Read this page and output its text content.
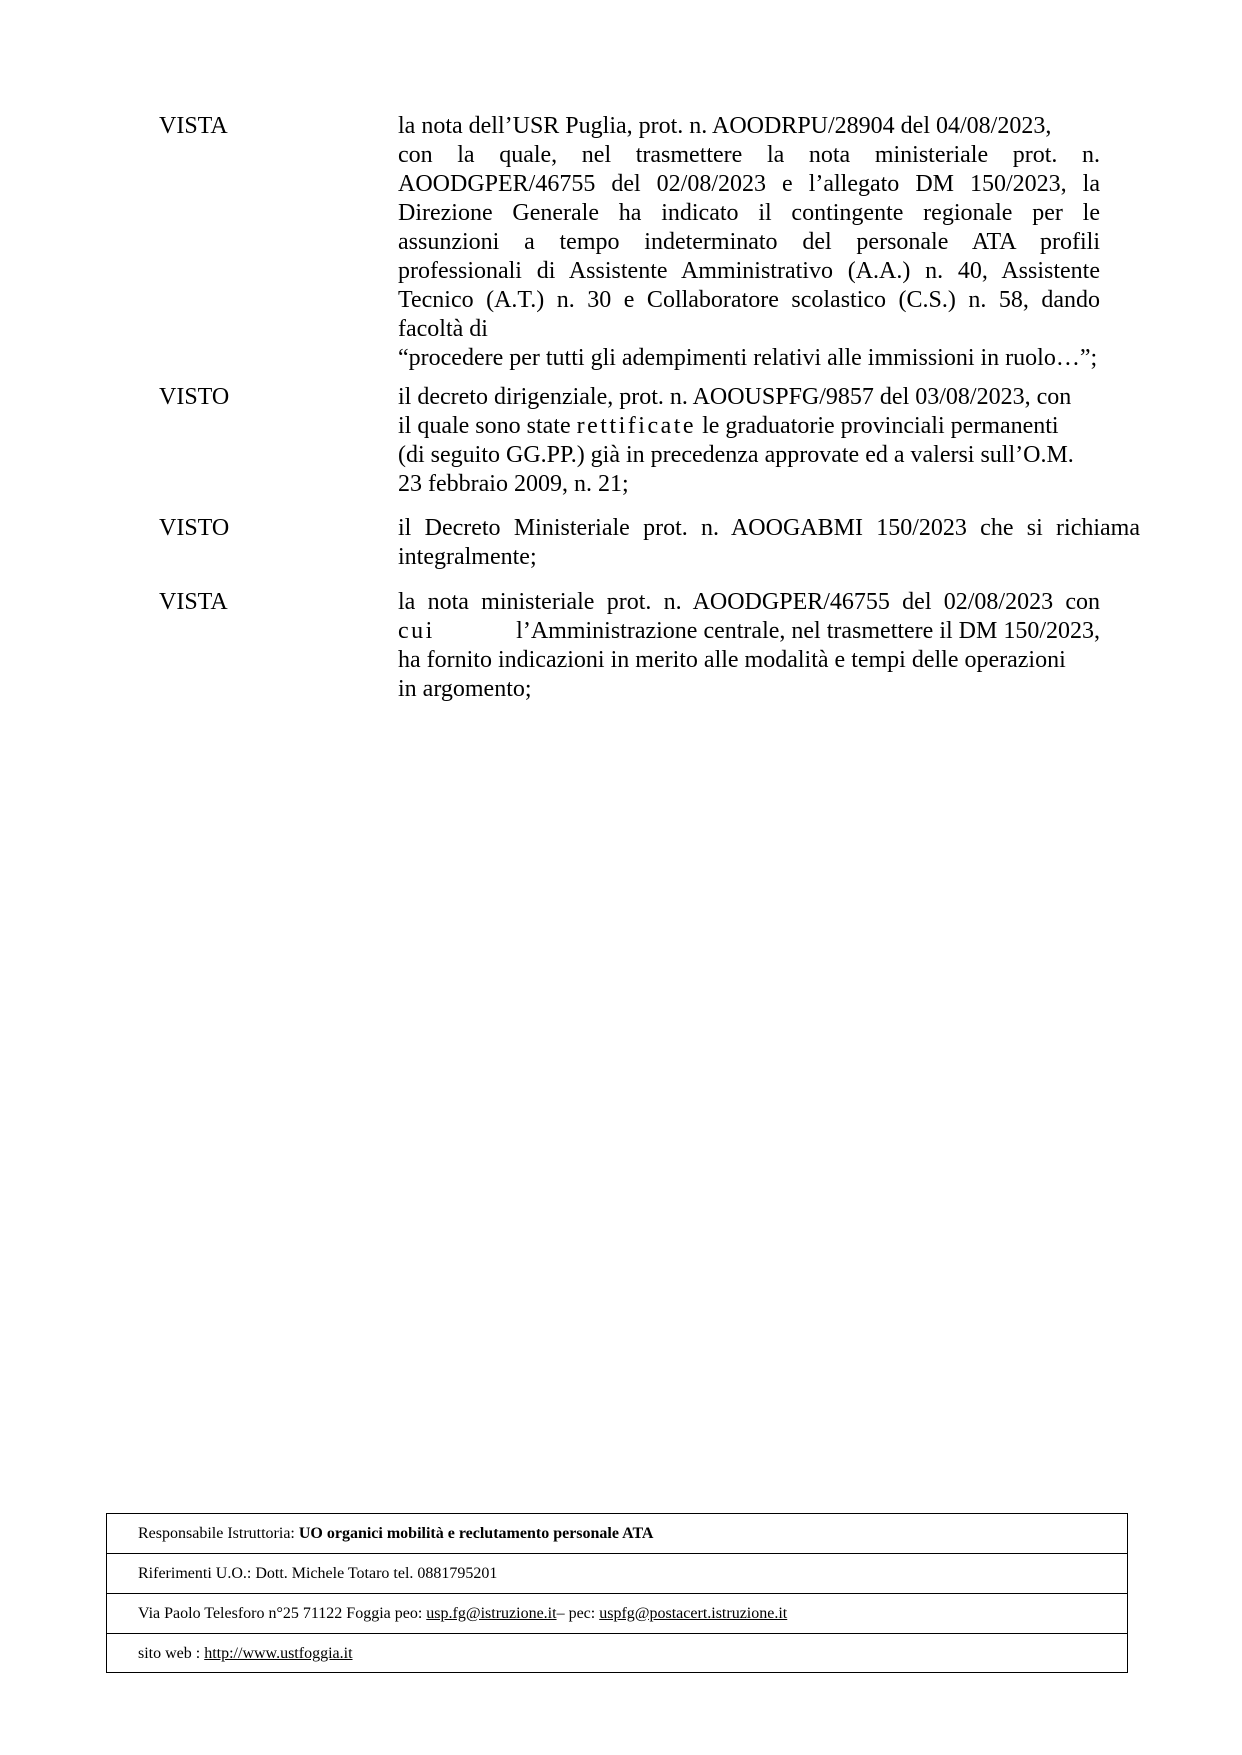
VISTA	la nota dell’USR Puglia, prot. n. AOODRPU/28904 del 04/08/2023,
con la quale, nel trasmettere la nota ministeriale prot. n.
AOODGPER/46755 del 02/08/2023 e l’allegato DM 150/2023, la
Direzione Generale ha indicato il contingente regionale per le
assunzioni a tempo indeterminato del personale ATA profili
professionali di Assistente Amministrativo (A.A.) n. 40, Assistente
Tecnico (A.T.) n. 30 e Collaboratore scolastico (C.S.) n. 58, dando
facoltà di
“procedere per tutti gli adempimenti relativi alle immissioni in ruolo…”;
VISTO	il decreto dirigenziale, prot. n. AOOUSPFG/9857 del 03/08/2023, con
il quale sono state rettificate le graduatorie provinciali permanenti
(di seguito GG.PP.) già in precedenza approvate ed a valersi sull’O.M.
23 febbraio 2009, n. 21;
VISTO	il Decreto Ministeriale prot. n. AOOGABMI 150/2023 che si richiama
integralmente;
VISTA	la nota ministeriale prot. n. AOODGPER/46755 del 02/08/2023 con
cui	l’Amministrazione centrale, nel trasmettere il DM 150/2023,
ha fornito indicazioni in merito alle modalità e tempi delle operazioni
in argomento;
Responsabile Istruttoria: UO organici mobilità e reclutamento personale ATA
Riferimenti U.O.: Dott. Michele Totaro tel. 0881795201
Via Paolo Telesforo n°25 71122 Foggia peo: usp.fg@istruzione.it – pec: uspfg@postacert.istruzione.it
sito web : http://www.ustfoggia.it
